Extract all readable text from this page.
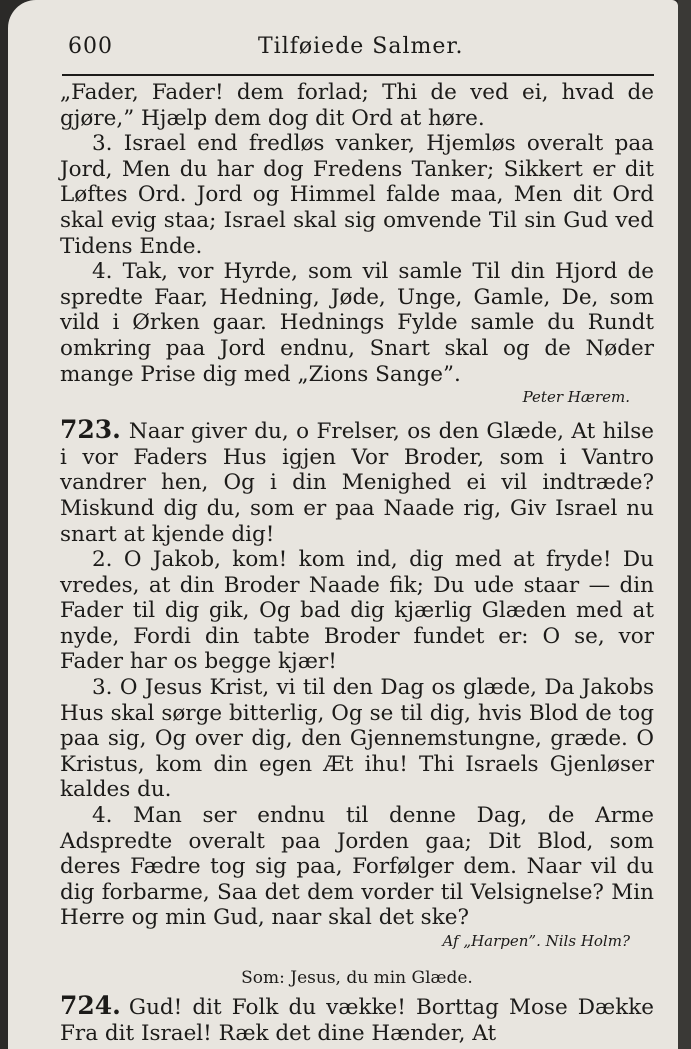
600	Tilføiede Salmer.

„Fader, Fader! dem forlad; Thi de ved ei, hvad de gjøre,” Hjælp dem dog dit Ord at høre.

3. Israel end fredløs vanker, Hjemløs overalt paa Jord, Men du har dog Fredens Tanker; Sikkert er dit Løftes Ord. Jord og Himmel falde maa, Men dit Ord skal evig staa; Israel skal sig omvende Til sin Gud ved Tidens Ende.

4. Tak, vor Hyrde, som vil samle Til din Hjord de spredte Faar, Hedning, Jøde, Unge, Gamle, De, som vild i Ørken gaar. Hednings Fylde samle du Rundt omkring paa Jord endnu, Snart skal og de Nøder mange Prise dig med „Zions Sange”.

Peter Hærem.

723. Naar giver du, o Frelser, os den Glæde, At hilse i vor Faders Hus igjen Vor Broder, som i Vantro vandrer hen, Og i din Menighed ei vil indtræde? Miskund dig du, som er paa Naade rig, Giv Israel nu snart at kjende dig!

2. O Jakob, kom! kom ind, dig med at fryde! Du vredes, at din Broder Naade fik; Du ude staar — din Fader til dig gik, Og bad dig kjærlig Glæden med at nyde, Fordi din tabte Broder fundet er: O se, vor Fader har os begge kjær!

3. O Jesus Krist, vi til den Dag os glæde, Da Jakobs Hus skal sørge bitterlig, Og se til dig, hvis Blod de tog paa sig, Og over dig, den Gjennemstungne, græde. O Kristus, kom din egen Æt ihu! Thi Israels Gjenløser kaldes du.

4. Man ser endnu til denne Dag, de Arme Adspredte overalt paa Jorden gaa; Dit Blod, som deres Fædre tog sig paa, Forfølger dem. Naar vil du dig forbarme, Saa det dem vorder til Velsignelse? Min Herre og min Gud, naar skal det ske?

Af „Harpen”. Nils Holm?

Som: Jesus, du min Glæde.

724. Gud! dit Folk du vække! Borttag Mose Dække Fra dit Israel! Ræk det dine Hænder, At
